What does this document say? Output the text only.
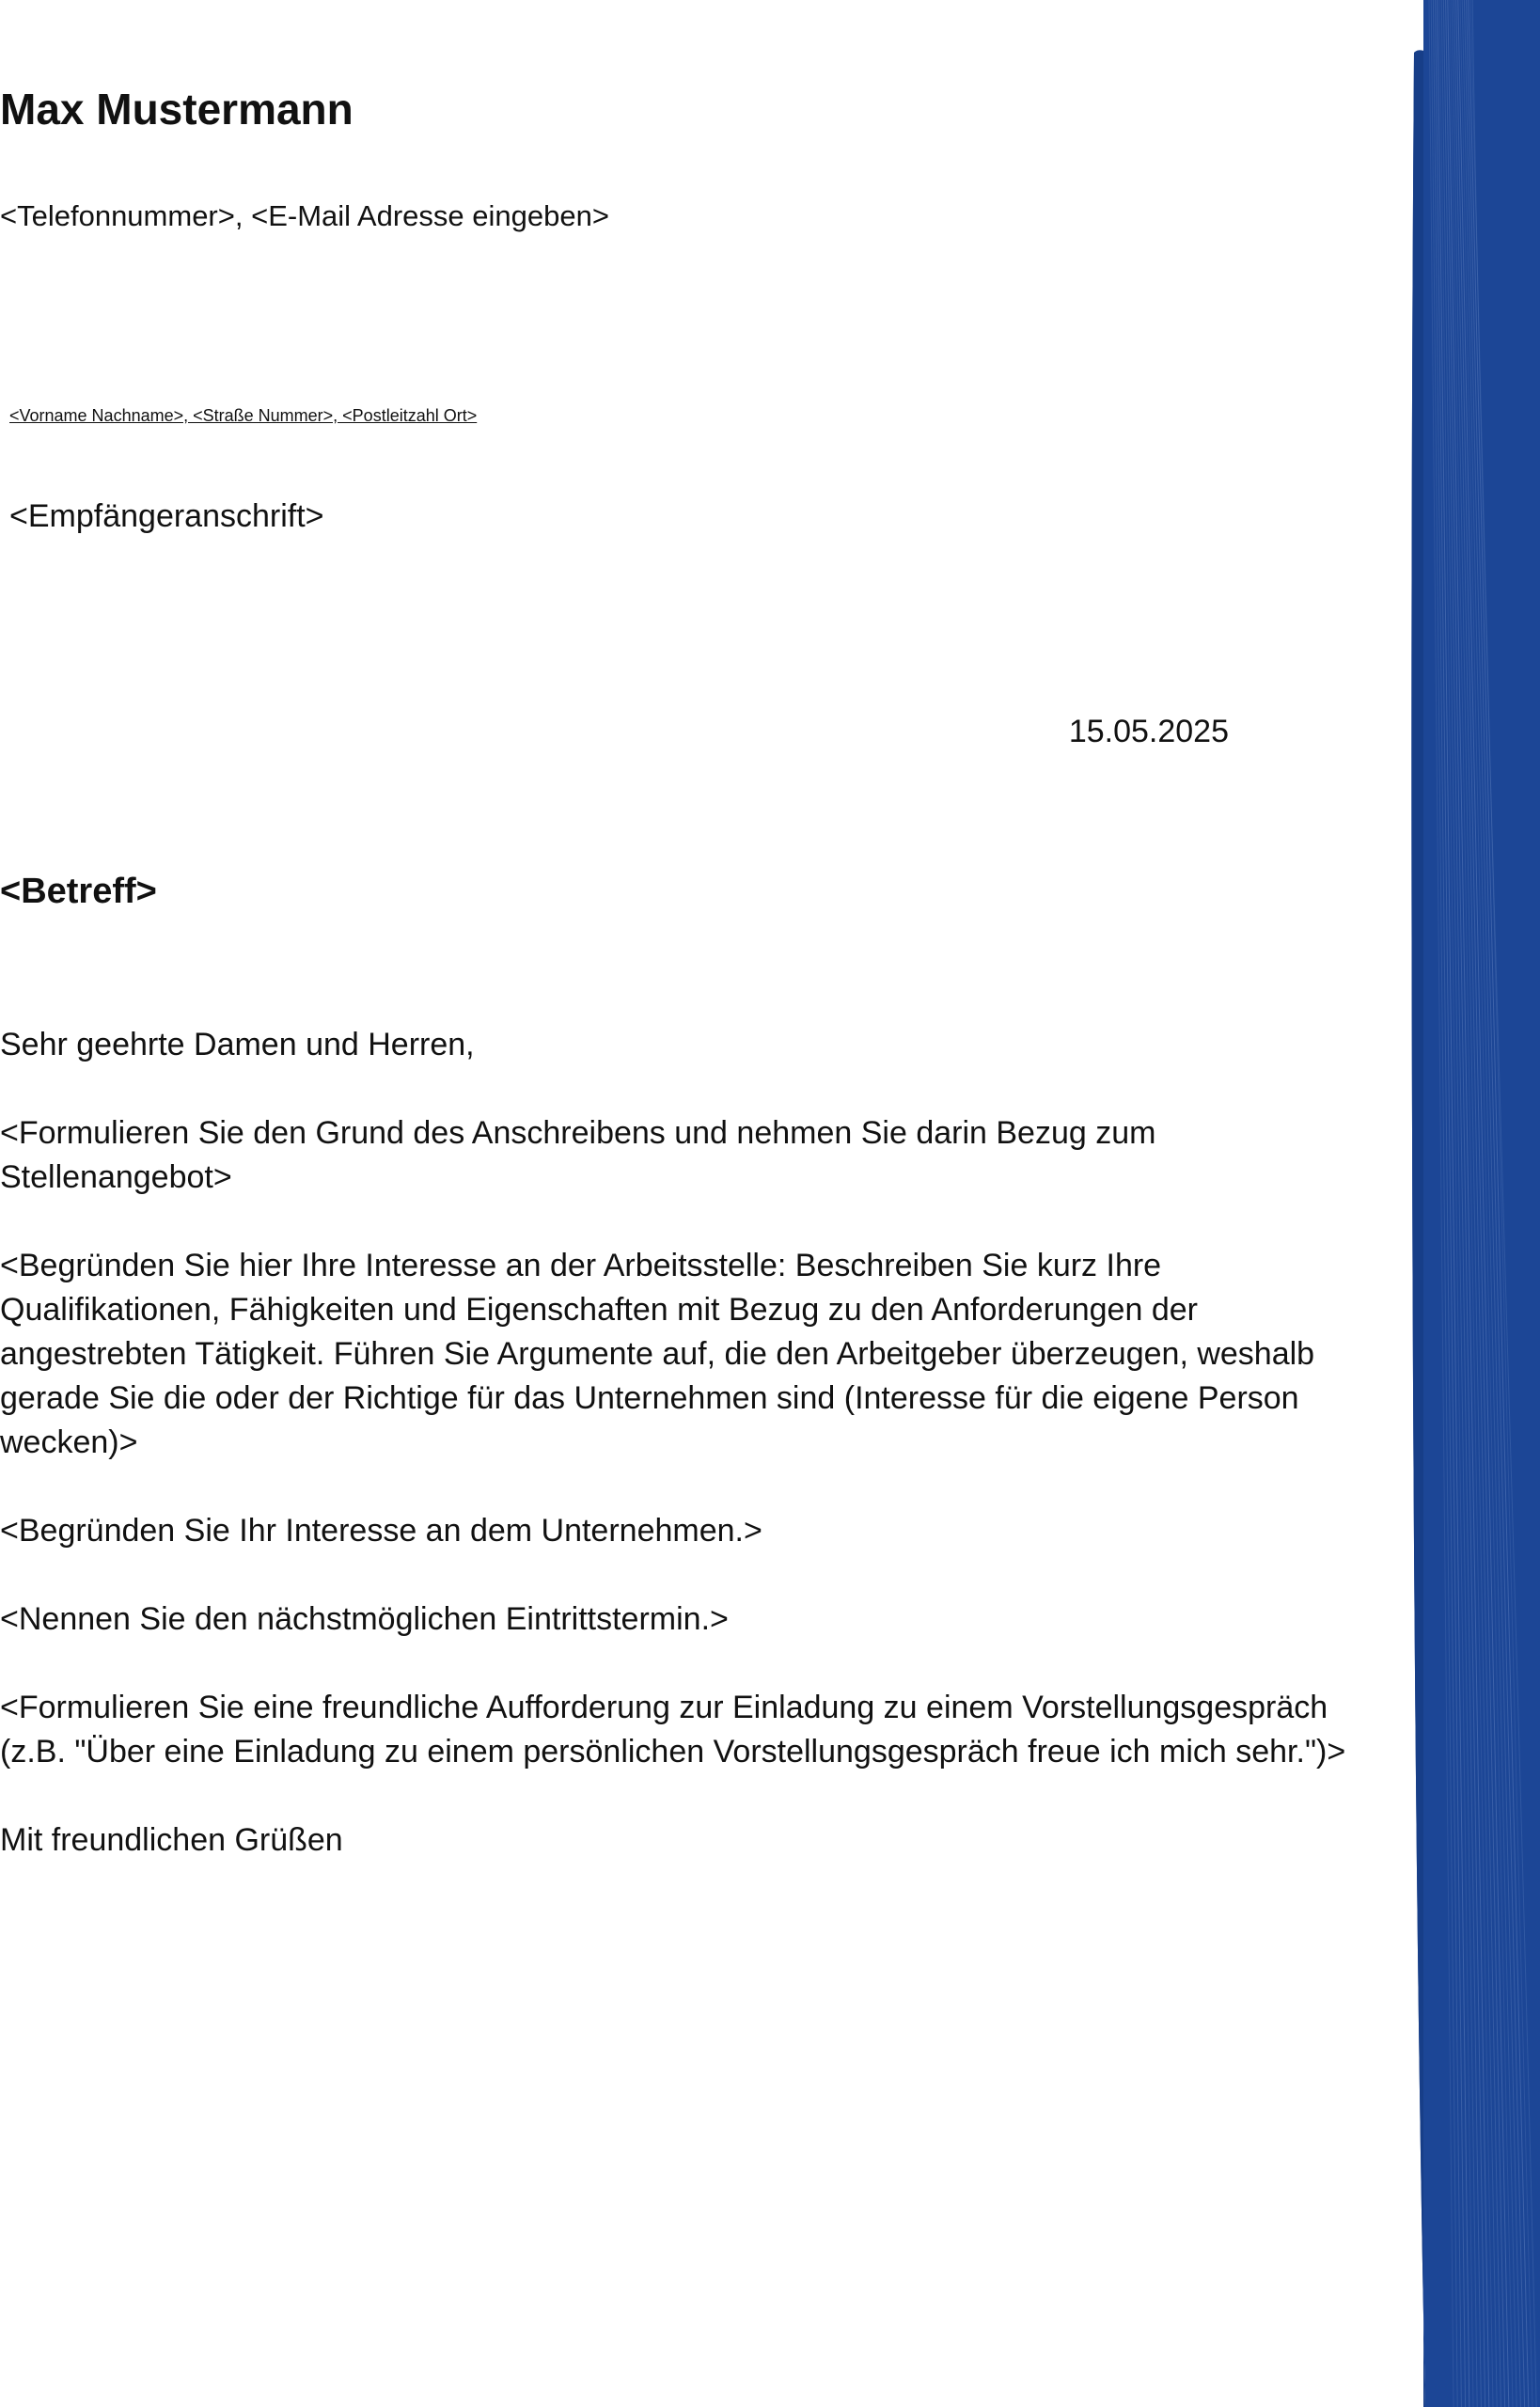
Max Mustermann

<Telefonnummer>, <E-Mail Adresse eingeben>

<Vorname Nachname>, <Straße Nummer>, <Postleitzahl Ort>

<Empfängeranschrift>

15.05.2025

<Betreff>

Sehr geehrte Damen und Herren,

<Formulieren Sie den Grund des Anschreibens und nehmen Sie darin Bezug zum Stellenangebot>

<Begründen Sie hier Ihre Interesse an der Arbeitsstelle: Beschreiben Sie kurz Ihre Qualifikationen, Fähigkeiten und Eigenschaften mit Bezug zu den Anforderungen der angestrebten Tätigkeit. Führen Sie Argumente auf, die den Arbeitgeber überzeugen, weshalb gerade Sie die oder der Richtige für das Unternehmen sind (Interesse für die eigene Person wecken)>

<Begründen Sie Ihr Interesse an dem Unternehmen.>

<Nennen Sie den nächstmöglichen Eintrittstermin.>

<Formulieren Sie eine freundliche Aufforderung zur Einladung zu einem Vorstellungsgespräch (z.B. "Über eine Einladung zu einem persönlichen Vorstellungsgespräch freue ich mich sehr.")>

Mit freundlichen Grüßen
